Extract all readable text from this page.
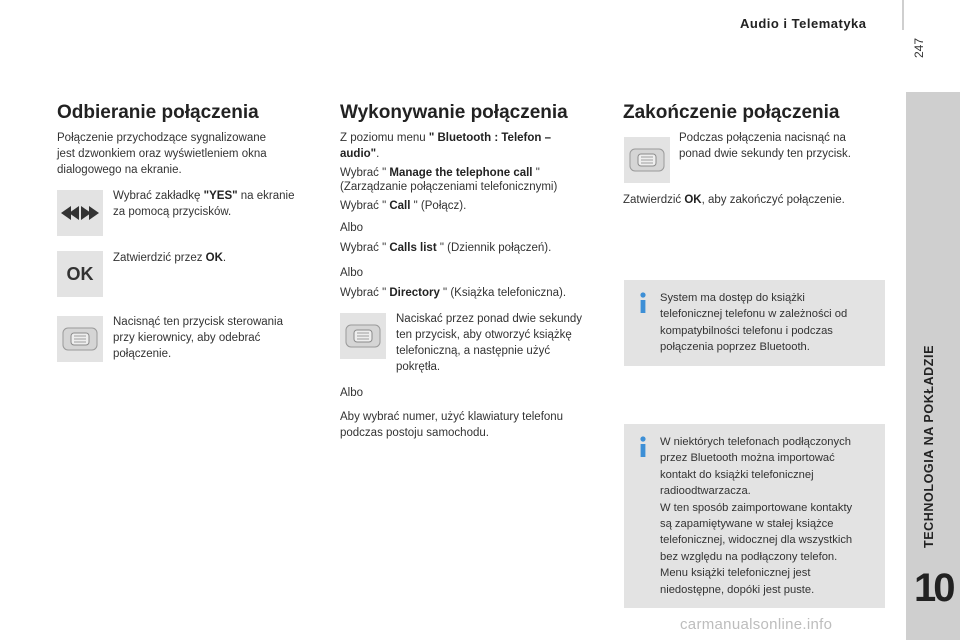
Audio i Telematyka
247
TECHNOLOGIA NA POKŁADZIE
10
Odbieranie połączenia
Połączenie przychodzące sygnalizowane
jest dzwonkiem oraz wyświetleniem okna
dialogowego na ekranie.
Wybrać zakładkę "YES" na ekranie
za pomocą przycisków.
OK
Zatwierdzić przez OK.
Nacisnąć ten przycisk sterowania
przy kierownicy, aby odebrać
połączenie.
Wykonywanie połączenia
Z poziomu menu " Bluetooth : Telefon –
audio".
Wybrać " Manage the telephone call "
(Zarządzanie połączeniami telefonicznymi)
Wybrać " Call " (Połącz).
Albo
Wybrać " Calls list " (Dziennik połączeń).
Albo
Wybrać " Directory " (Książka telefoniczna).
Naciskać przez ponad dwie sekundy
ten przycisk, aby otworzyć książkę
telefoniczną, a następnie użyć
pokrętła.
Albo
Aby wybrać numer, użyć klawiatury telefonu
podczas postoju samochodu.
Zakończenie połączenia
Podczas połączenia nacisnąć na
ponad dwie sekundy ten przycisk.
Zatwierdzić OK, aby zakończyć połączenie.
System ma dostęp do książki
telefonicznej telefonu w zależności od
kompatybilności telefonu i podczas
połączenia poprzez Bluetooth.
W niektórych telefonach podłączonych
przez Bluetooth można importować
kontakt do książki telefonicznej
radioodtwarzacza.
W ten sposób zaimportowane kontakty
są zapamiętywane w stałej książce
telefonicznej, widocznej dla wszystkich
bez względu na podłączony telefon.
Menu książki telefonicznej jest
niedostępne, dopóki jest puste.
carmanualsonline.info
